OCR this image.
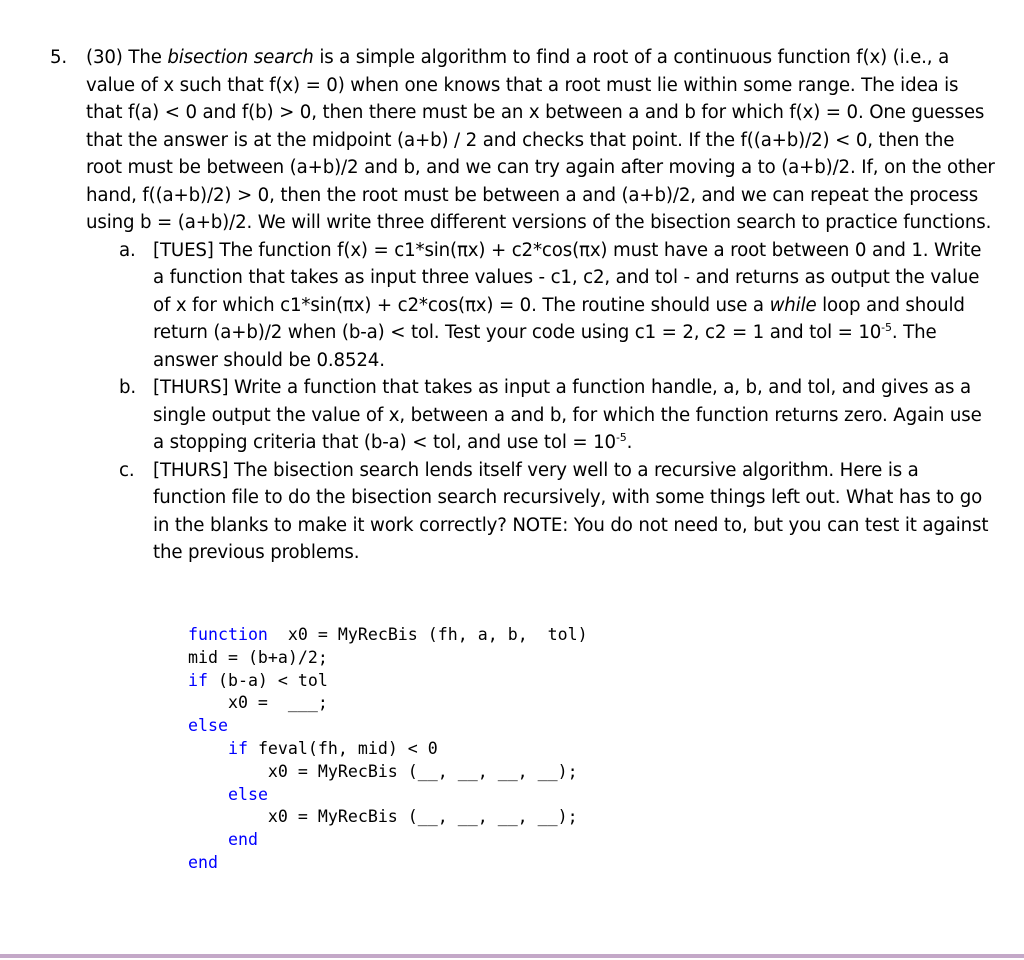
5.	(30) The bisection search is a simple algorithm to find a root of a continuous function f(x) (i.e., a value of x such that f(x) = 0) when one knows that a root must lie within some range. The idea is that f(a) < 0 and f(b) > 0, then there must be an x between a and b for which f(x) = 0. One guesses that the answer is at the midpoint (a+b) / 2 and checks that point. If the f((a+b)/2) < 0, then the root must be between (a+b)/2 and b, and we can try again after moving a to (a+b)/2. If, on the other hand, f((a+b)/2) > 0, then the root must be between a and (a+b)/2, and we can repeat the process using b = (a+b)/2. We will write three different versions of the bisection search to practice functions.
a. [TUES] The function f(x) = c1*sin(πx) + c2*cos(πx) must have a root between 0 and 1. Write a function that takes as input three values - c1, c2, and tol - and returns as output the value of x for which c1*sin(πx) + c2*cos(πx) = 0. The routine should use a while loop and should return (a+b)/2 when (b-a) < tol. Test your code using c1 = 2, c2 = 1 and tol = $10^{-5}$. The answer should be 0.8524.
b. [THURS] Write a function that takes as input a function handle, a, b, and tol, and gives as a single output the value of x, between a and b, for which the function returns zero. Again use a stopping criteria that (b-a) < tol, and use tol = $10^{-5}$.
c. [THURS] The bisection search lends itself very well to a recursive algorithm. Here is a function file to do the bisection search recursively, with some things left out. What has to go in the blanks to make it work correctly? NOTE: You do not need to, but you can test it against the previous problems.
function  x0 = MyRecBis (fh, a, b,  tol)
mid = (b+a)/2;
if (b-a) < tol
x0 =  ___;
else
if feval(fh, mid) < 0
x0 = MyRecBis (__, __, __, __);
else
x0 = MyRecBis (__, __, __, __);
end
end
